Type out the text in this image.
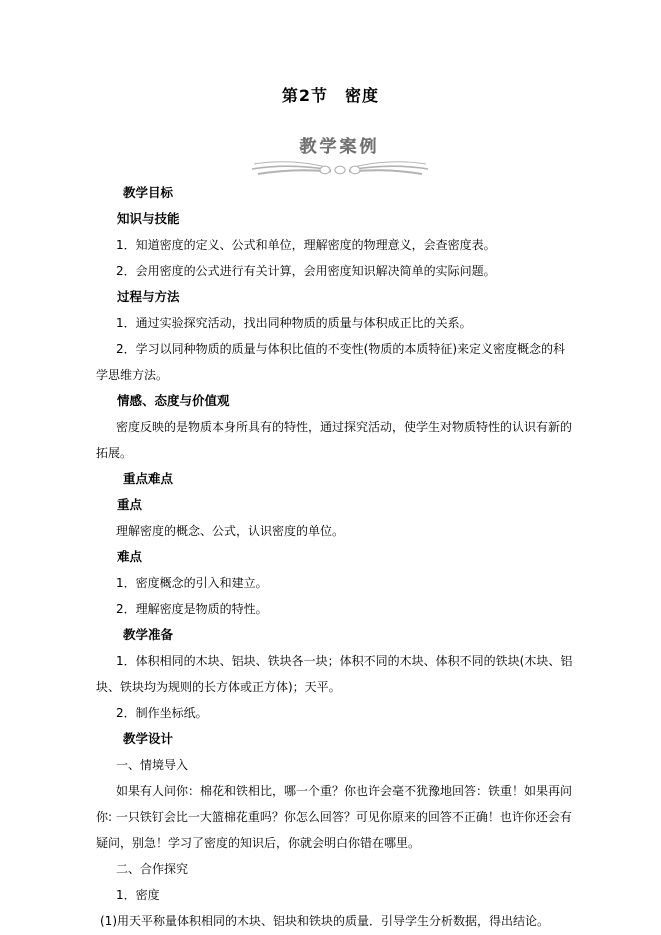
第2节　密度
教学案例
教学目标
知识与技能
1．知道密度的定义、公式和单位，理解密度的物理意义，会查密度表。
2．会用密度的公式进行有关计算，会用密度知识解决简单的实际问题。
过程与方法
1．通过实验探究活动，找出同种物质的质量与体积成正比的关系。
2．学习以同种物质的质量与体积比值的不变性(物质的本质特征)来定义密度概念的科
学思维方法。
情感、态度与价值观
密度反映的是物质本身所具有的特性，通过探究活动，使学生对物质特性的认识有新的
拓展。
重点难点
重点
理解密度的概念、公式，认识密度的单位。
难点
1．密度概念的引入和建立。
2．理解密度是物质的特性。
教学准备
1．体积相同的木块、铝块、铁块各一块；体积不同的木块、体积不同的铁块(木块、铝
块、铁块均为规则的长方体或正方体)；天平。
2．制作坐标纸。
教学设计
一、情境导入
如果有人问你：棉花和铁相比，哪一个重？你也许会毫不犹豫地回答：铁重！如果再问
你: 一只铁钉会比一大篮棉花重吗？你怎么回答？可见你原来的回答不正确！也许你还会有
疑问，别急！学习了密度的知识后，你就会明白你错在哪里。
二、合作探究
1．密度
(1)用天平称量体积相同的木块、铝块和铁块的质量．引导学生分析数据，得出结论。
